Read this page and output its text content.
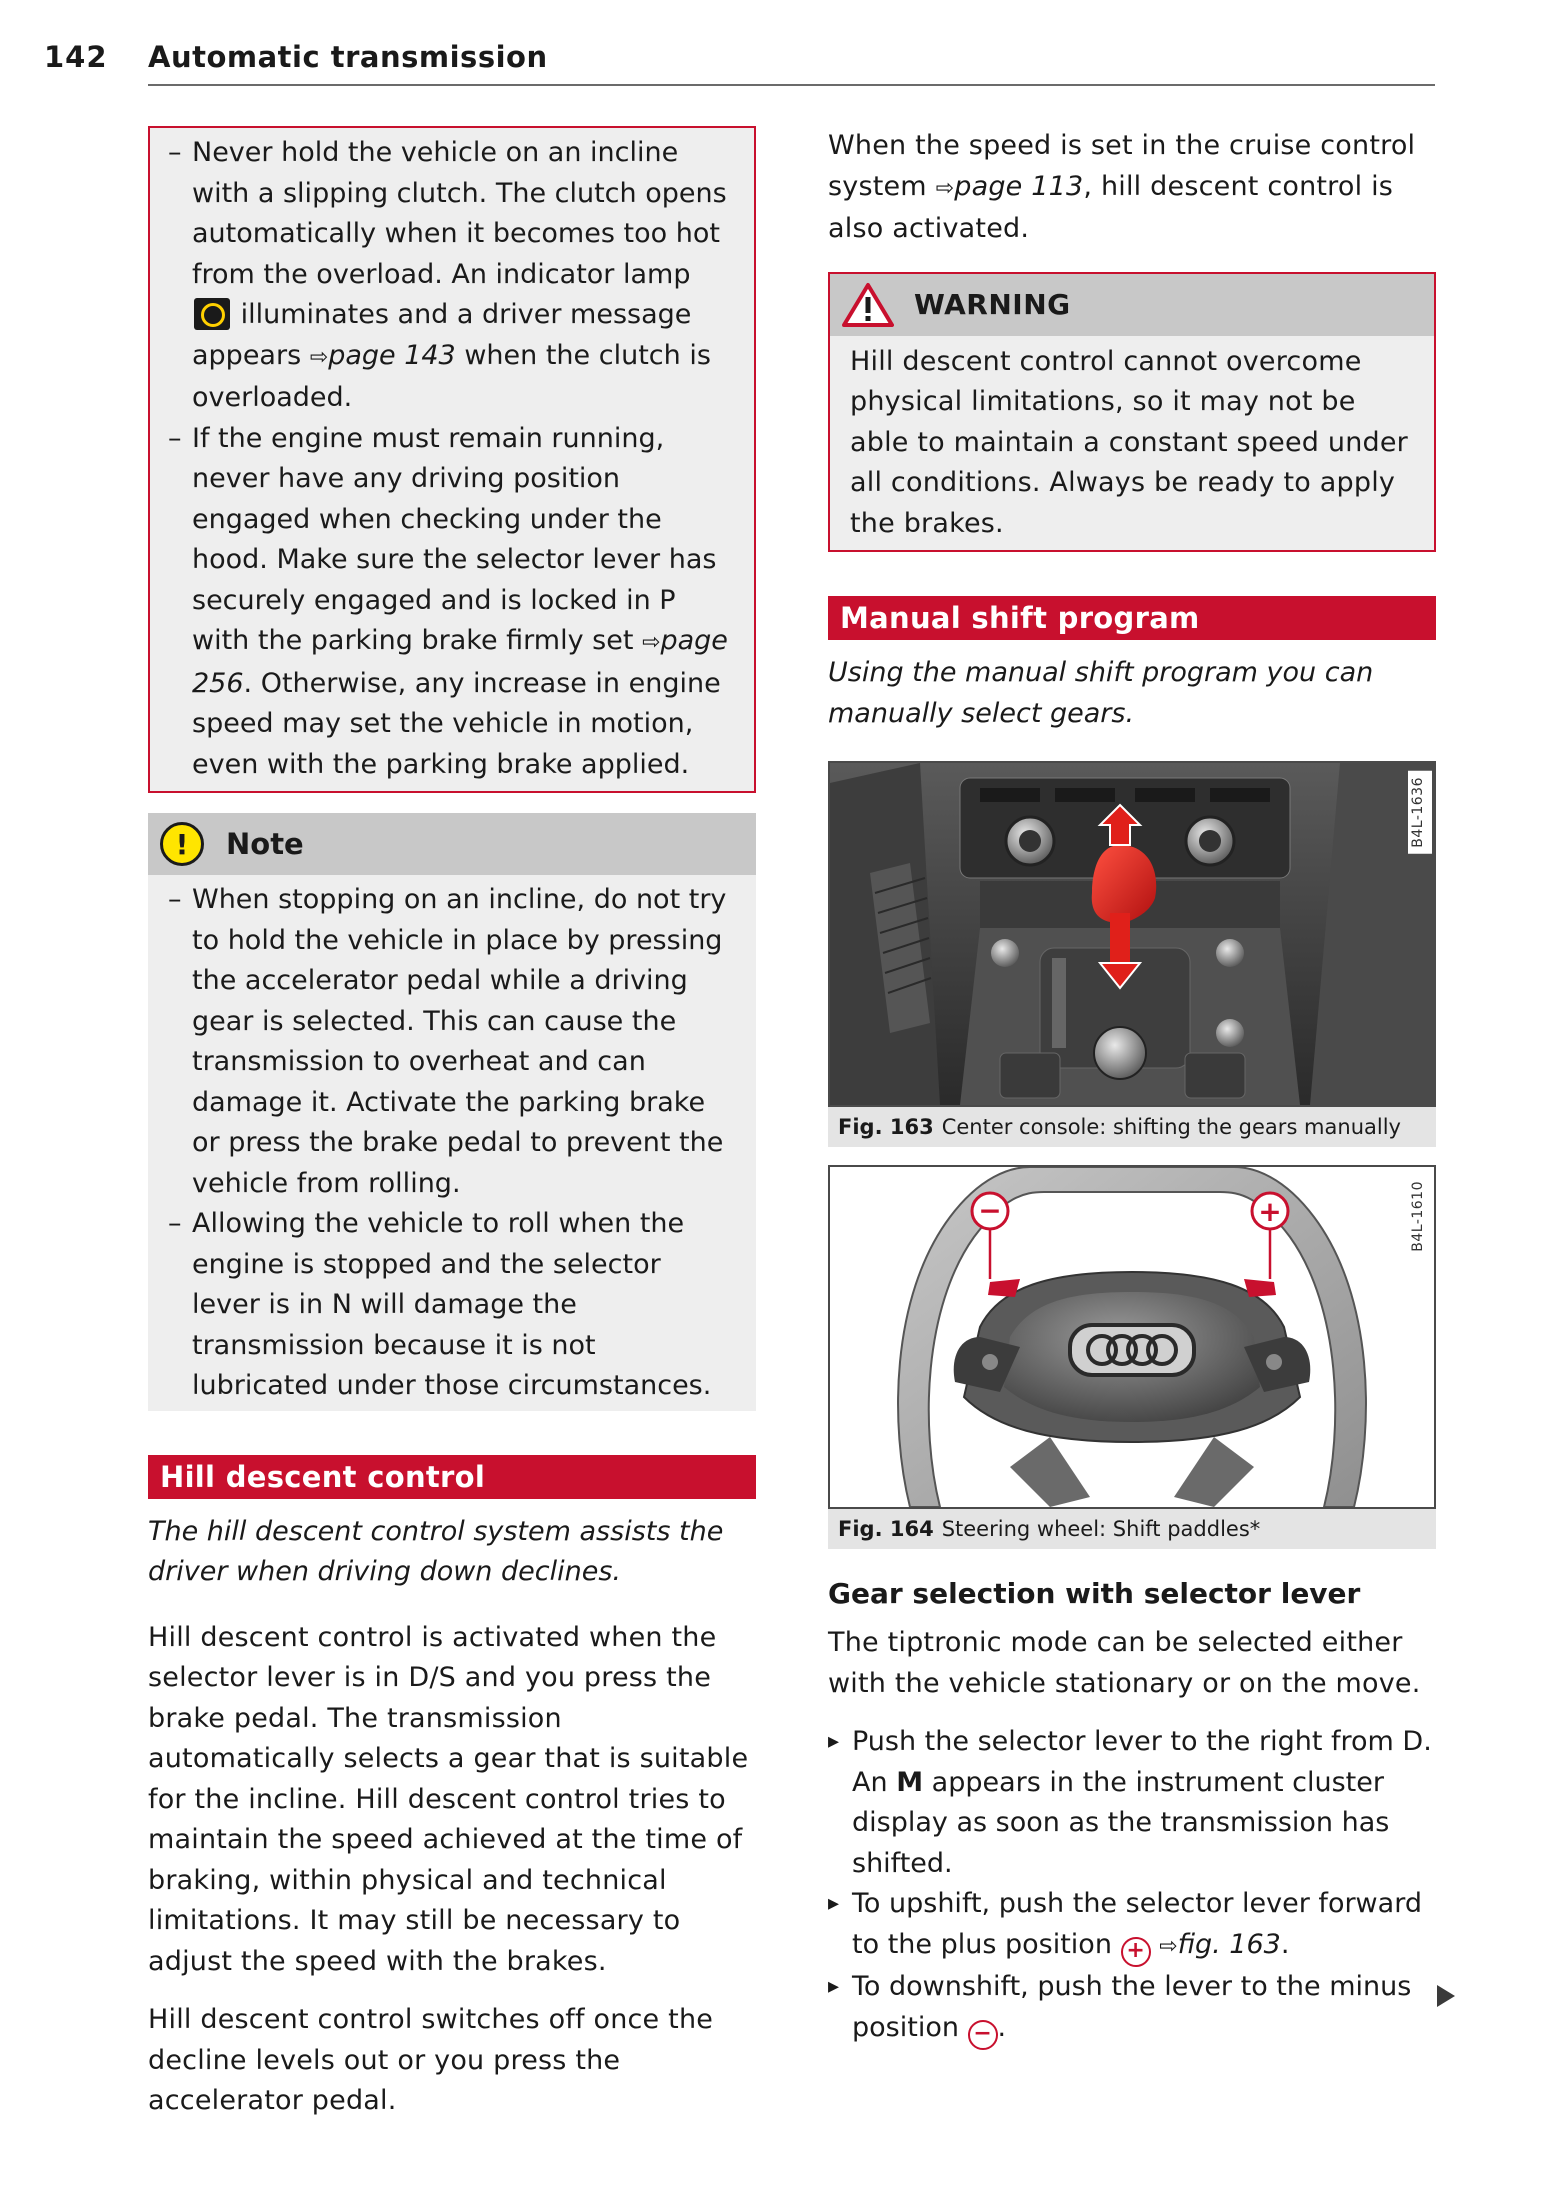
142 Automatic transmission
– Never hold the vehicle on an incline with a slipping clutch. The clutch opens automatically when it becomes too hot from the overload. An indicator lamp  illuminates and a driver message appears ⇨page 143 when the clutch is overloaded.
– If the engine must remain running, never have any driving position engaged when checking under the hood. Make sure the selector lever has securely engaged and is locked in P with the parking brake firmly set ⇨page 256. Otherwise, any increase in engine speed may set the vehicle in motion, even with the parking brake applied.
!	Note
– When stopping on an incline, do not try to hold the vehicle in place by pressing the accelerator pedal while a driving gear is selected. This can cause the transmission to overheat and can damage it. Activate the parking brake or press the brake pedal to prevent the vehicle from rolling.
– Allowing the vehicle to roll when the engine is stopped and the selector lever is in N will damage the transmission because it is not lubricated under those circumstances.
Hill descent control

The hill descent control system assists the driver when driving down declines.

Hill descent control is activated when the selector lever is in D/S and you press the brake pedal. The transmission automatically selects a gear that is suitable for the incline. Hill descent control tries to maintain the speed achieved at the time of braking, within physical and technical limitations. It may still be necessary to adjust the speed with the brakes.

Hill descent control switches off once the decline levels out or you press the accelerator pedal.

When the speed is set in the cruise control system ⇨page 113, hill descent control is also activated.

WARNING
Hill descent control cannot overcome physical limitations, so it may not be able to maintain a constant speed under all conditions. Always be ready to apply the brakes.
Manual shift program

Using the manual shift program you can manually select gears.

B4L-1636
Fig. 163 Center console: shifting the gears manually
−	+	B4L-1610
Fig. 164 Steering wheel: Shift paddles*
Gear selection with selector lever

The tiptronic mode can be selected either with the vehicle stationary or on the move.

▸ Push the selector lever to the right from D. An M appears in the instrument cluster display as soon as the transmission has shifted.
▸ To upshift, push the selector lever forward to the plus position + ⇨fig. 163.
▸ To downshift, push the lever to the minus position − .
